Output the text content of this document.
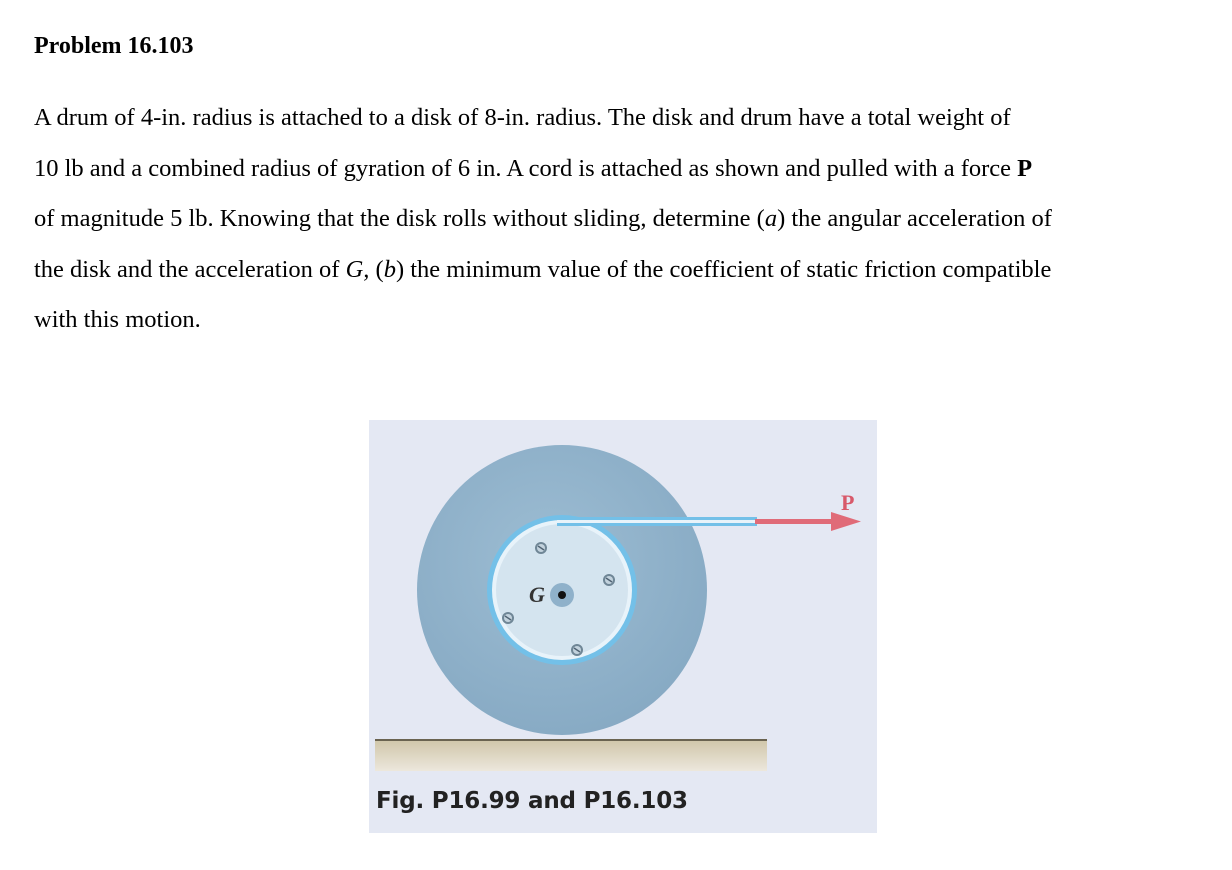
Problem 16.103
A drum of 4-in. radius is attached to a disk of 8-in. radius. The disk and drum have a total weight of
10 lb and a combined radius of gyration of 6 in. A cord is attached as shown and pulled with a force P
of magnitude 5 lb. Knowing that the disk rolls without sliding, determine (a) the angular acceleration of
the disk and the acceleration of G, (b) the minimum value of the coefficient of static friction compatible
with this motion.
P
G
Fig. P16.99 and P16.103
